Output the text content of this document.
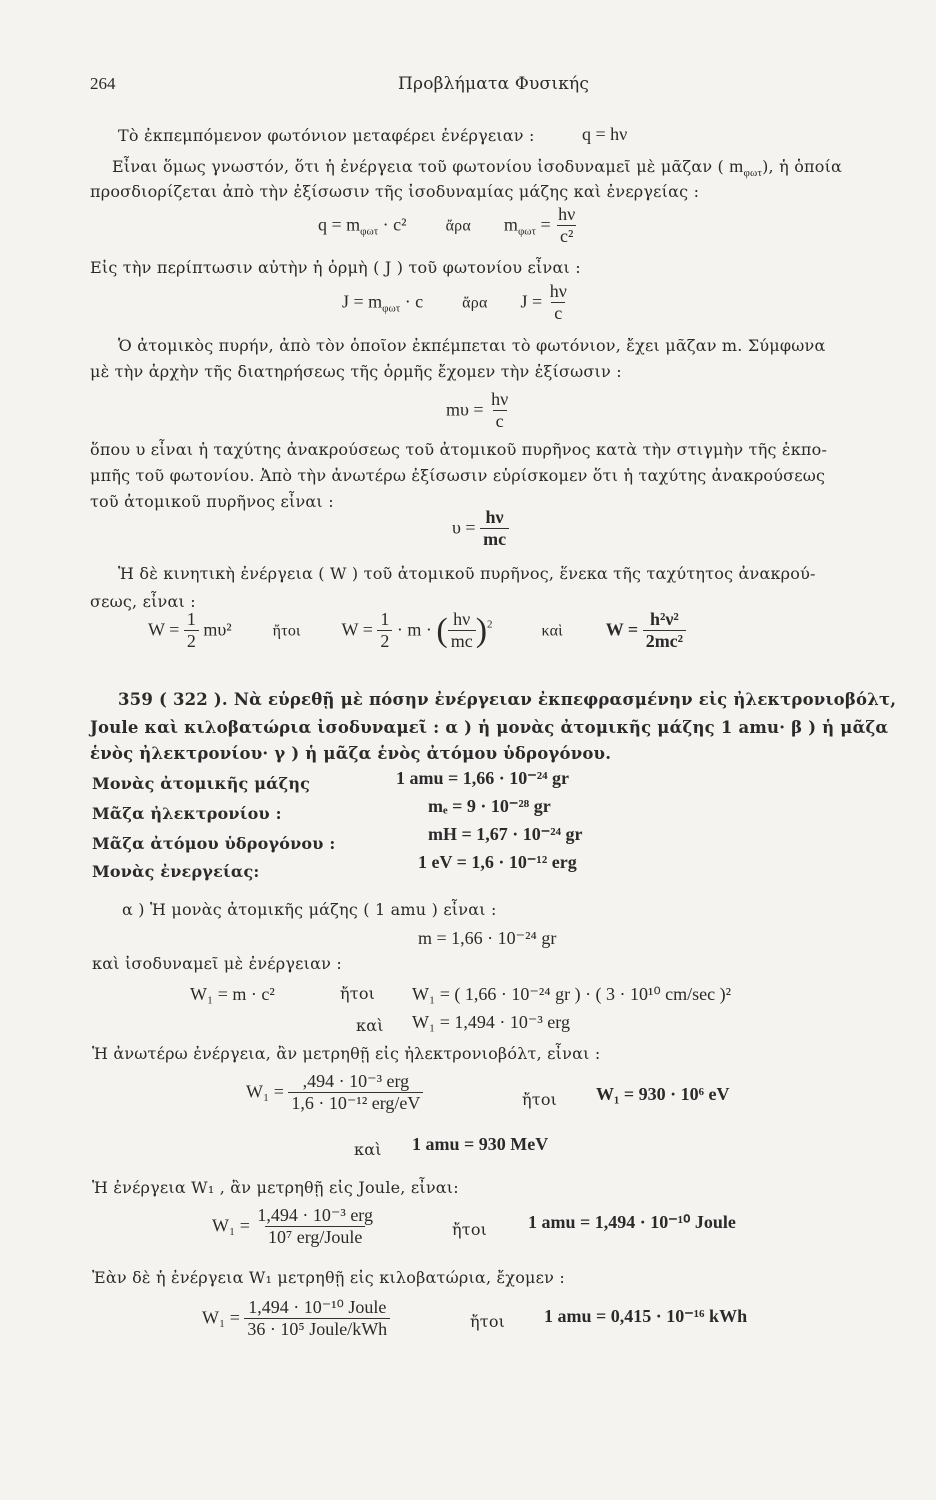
264	Προβλήματα Φυσικής
Τὸ ἐκπεμπόμενον φωτόνιον μεταφέρει ἐνέργειαν :	q = hν
Εἶναι ὅμως γνωστόν, ὅτι ἡ ἐνέργεια τοῦ φωτονίου ἰσοδυναμεῖ μὲ μᾶζαν ( $m_{\varphi\omega\tau}$), ἡ ὁποία
προσδιορίζεται ἀπὸ τὴν ἐξίσωσιν τῆς ἰσοδυναμίας μάζης καὶ ἐνεργείας :
$q = m_{\varphi\omega\tau} \cdot c^2$ ἄρα $m_{\varphi\omega\tau} = \frac{h\nu}{\text{c²}}$
Εἰς τὴν περίπτωσιν αὐτὴν ἡ ὁρμὴ ( J ) τοῦ φωτονίου εἶναι :
$J = m_{\varphi\omega\tau} \cdot c$ ἄρα $J = \frac{h\nu}{c}$
Ὁ ἀτομικὸς πυρήν, ἀπὸ τὸν ὁποῖον ἐκπέμπεται τὸ φωτόνιον, ἔχει μᾶζαν m. Σύμφωνα
μὲ τὴν ἀρχὴν τῆς διατηρήσεως τῆς ὁρμῆς ἔχομεν τὴν ἐξίσωσιν :
$m\upsilon = \frac{h\nu}{c}$
ὅπου υ εἶναι ἡ ταχύτης ἀνακρούσεως τοῦ ἀτομικοῦ πυρῆνος κατὰ τὴν στιγμὴν τῆς ἐκπο-
μπῆς τοῦ φωτονίου. Ἀπὸ τὴν ἀνωτέρω ἐξίσωσιν εὑρίσκομεν ὅτι ἡ ταχύτης ἀνακρούσεως
τοῦ ἀτομικοῦ πυρῆνος εἶναι :
$\upsilon = \frac{h\nu}{mc}$
Ἡ δὲ κινητικὴ ἐνέργεια ( W ) τοῦ ἀτομικοῦ πυρῆνος, ἕνεκα τῆς ταχύτητος ἀνακρού-
σεως, εἶναι :
$W = \frac{1}{2} m\upsilon^2$	ἤτοι $W = \frac{1}{2} \cdot m$ · ( $\frac{h\nu}{mc} )^2$	καὶ $W = \frac{\text{h²ν²}}{\text{2mc²}}$
359 ( 322 ). Νὰ εὑρεθῇ μὲ πόσην ἐνέργειαν ἐκπεφρασμένην εἰς ἠλεκτρονιοβόλτ,
Joule καὶ κιλοβατώρια ἰσοδυναμεῖ : α ) ἡ μονὰς ἀτομικῆς μάζης 1 amu· β ) ἡ μᾶζα
ἑνὸς ἠλεκτρονίου· γ ) ἡ μᾶζα ἑνὸς ἀτόμου ὑδρογόνου.
Μονὰς ἀτομικῆς μάζης	1 amu = 1,66 · 10⁻²⁴ gr
Μᾶζα ἠλεκτρονίου :	mₑ = 9 · 10⁻²⁸ gr
Μᾶζα ἀτόμου ὑδρογόνου :	mH = 1,67 · 10⁻²⁴ gr
Μονὰς ἐνεργείας:	1 eV = 1,6 · 10⁻¹² erg
α ) Ἡ μονὰς ἀτομικῆς μάζης ( 1 amu ) εἶναι :
m = 1,66 · 10⁻²⁴ gr
καὶ ἰσοδυναμεῖ μὲ ἐνέργειαν :
W₁ = m · c²	ἤτοι W₁ = ( 1,66 · 10⁻²⁴ gr ) · ( 3 · 10¹⁰ cm/sec )²
καὶ W₁ = 1,494 · 10⁻³ erg
Ἡ ἀνωτέρω ἐνέργεια, ἂν μετρηθῇ εἰς ἠλεκτρονιοβόλτ, εἶναι :
$W_1 = \frac{\text{,494 · 10⁻³ erg}}{\text{1,6 · 10⁻¹² erg/eV}}$	ἤτοι W₁ = 930 · 10⁶ eV
καὶ 1 amu = 930 MeV
Ἡ ἐνέργεια W₁ , ἂν μετρηθῇ εἰς Joule, εἶναι:
$W_1 = \frac{\text{1,494 · 10⁻³ erg}}{\text{10⁷ erg/Joule}}$	ἤτοι 1 amu = 1,494 · 10⁻¹⁰ Joule
Ἐὰν δὲ ἡ ἐνέργεια W₁ μετρηθῇ εἰς κιλοβατώρια, ἔχομεν :
$W_1 = \frac{\text{1,494 · 10⁻¹⁰ Joule}}{\text{36 · 10⁵ Joule/kWh}}$	ἤτοι 1 amu = 0,415 · 10⁻¹⁶ kWh
